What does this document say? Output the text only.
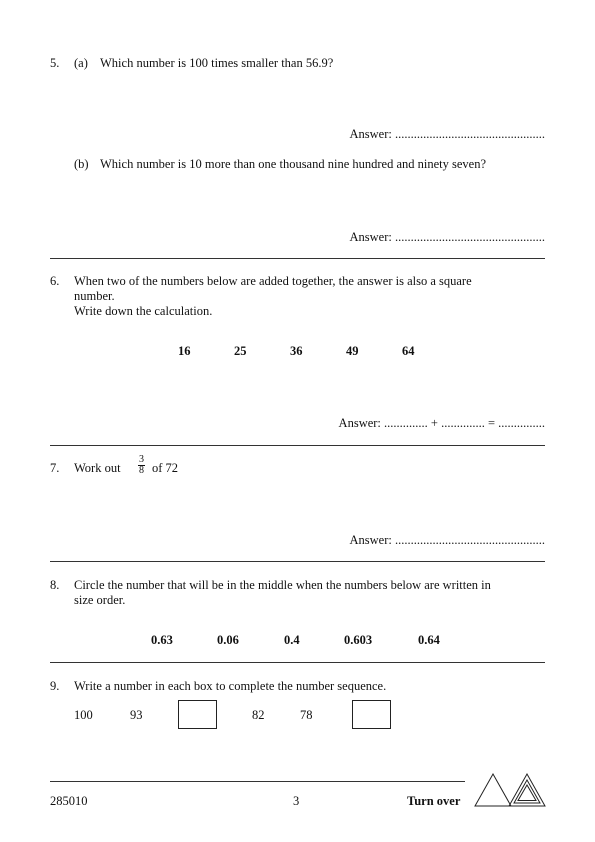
5. (a) Which number is 100 times smaller than 56.9?
Answer: ................................................
(b) Which number is 10 more than one thousand nine hundred and ninety seven?
Answer: ................................................
6. When two of the numbers below are added together, the answer is also a square
number.
Write down the calculation.
16	25	36	49	64
Answer: .............. + .............. = ...............
7. Work out $\frac{3}{8}$ of 72
Answer: ................................................
8. Circle the number that will be in the middle when the numbers below are written in
size order.
0.63	0.06	0.4	0.603	0.64
9. Write a number in each box to complete the number sequence.
100	93	82	78
285010	3	Turn over
